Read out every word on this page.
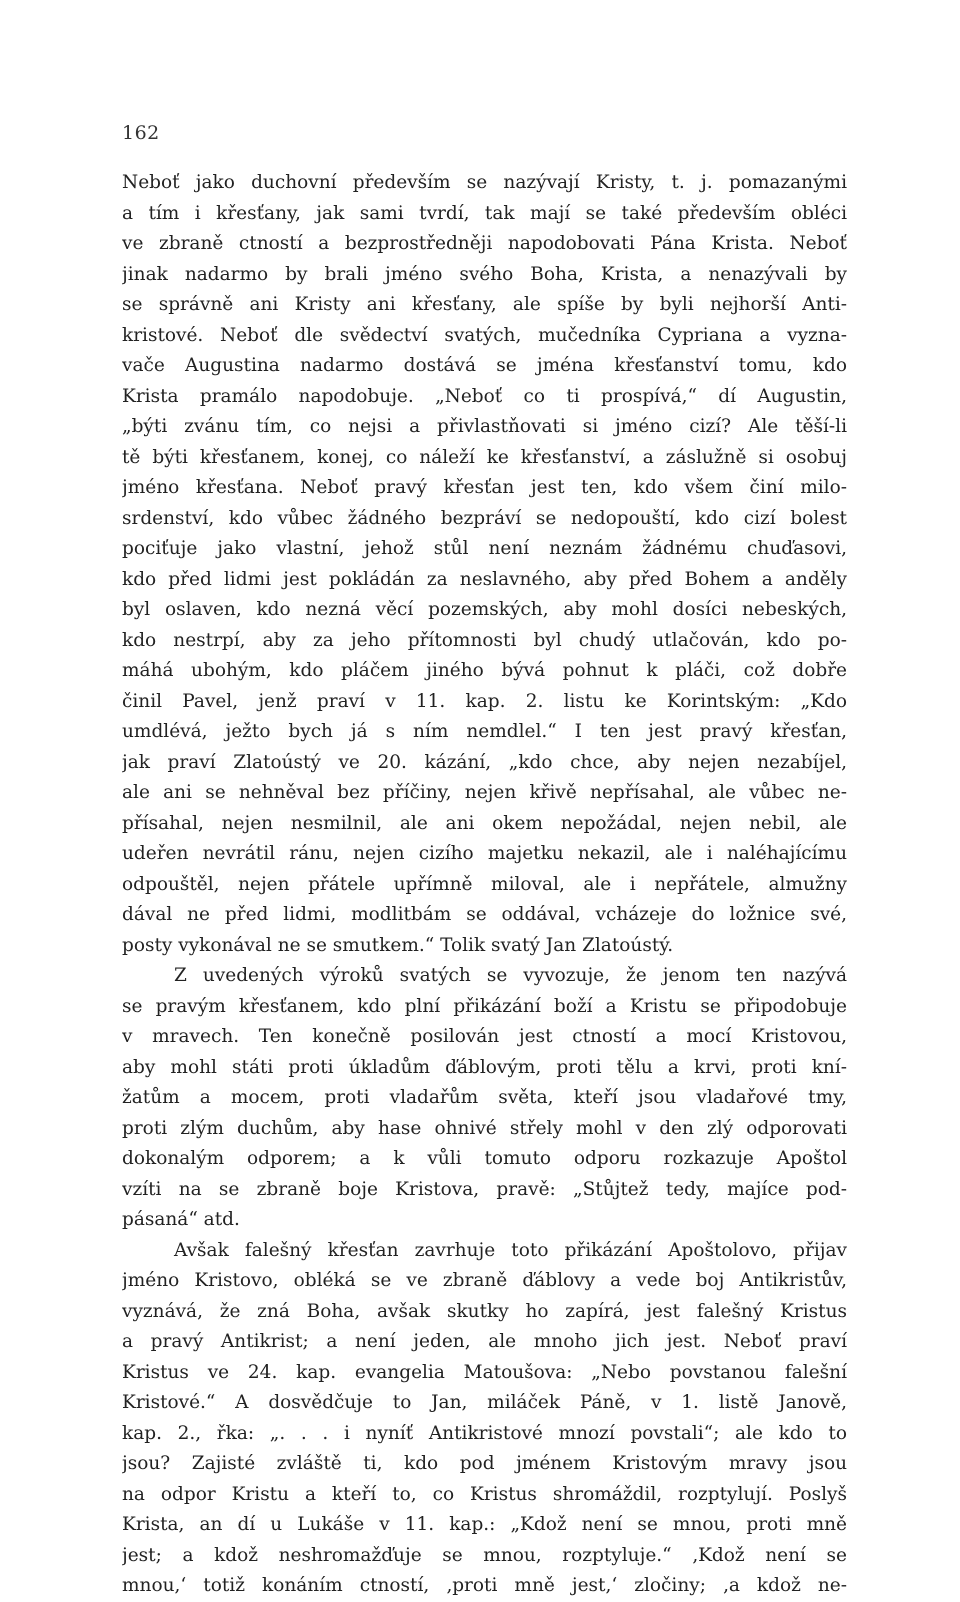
162
Neboť jako duchovní především se nazývají Kristy, t. j. pomazanými
a tím i křesťany, jak sami tvrdí, tak mají se také především obléci
ve zbraně ctností a bezprostředněji napodobovati Pána Krista. Neboť
jinak nadarmo by brali jméno svého Boha, Krista, a nenazývali by
se správně ani Kristy ani křesťany, ale spíše by byli nejhorší Anti-
kristové. Neboť dle svědectví svatých, mučedníka Cypriana a vyzna-
vače Augustina nadarmo dostává se jména křesťanství tomu, kdo
Krista pramálo napodobuje. „Neboť co ti prospívá,“ dí Augustin,
„býti zvánu tím, co nejsi a přivlastňovati si jméno cizí? Ale těší-li
tě býti křesťanem, konej, co náleží ke křesťanství, a záslužně si osobuj
jméno křesťana. Neboť pravý křesťan jest ten, kdo všem činí milo-
srdenství, kdo vůbec žádného bezpráví se nedopouští, kdo cizí bolest
pociťuje jako vlastní, jehož stůl není neznám žádnému chuďasovi,
kdo před lidmi jest pokládán za neslavného, aby před Bohem a anděly
byl oslaven, kdo nezná věcí pozemských, aby mohl dosíci nebeských,
kdo nestrpí, aby za jeho přítomnosti byl chudý utlačován, kdo po-
máhá ubohým, kdo pláčem jiného bývá pohnut k pláči, což dobře
činil Pavel, jenž praví v 11. kap. 2. listu ke Korintským: „Kdo
umdlévá, ježto bych já s ním nemdlel.“ I ten jest pravý křesťan,
jak praví Zlatoústý ve 20. kázání, „kdo chce, aby nejen nezabíjel,
ale ani se nehněval bez příčiny, nejen křivě nepřísahal, ale vůbec ne-
přísahal, nejen nesmilnil, ale ani okem nepožádal, nejen nebil, ale
udeřen nevrátil ránu, nejen cizího majetku nekazil, ale i naléhajícímu
odpouštěl, nejen přátele upřímně miloval, ale i nepřátele, almužny
dával ne před lidmi, modlitbám se oddával, vcházeje do ložnice své,
posty vykonával ne se smutkem.“ Tolik svatý Jan Zlatoústý.
Z uvedených výroků svatých se vyvozuje, že jenom ten nazývá
se pravým křesťanem, kdo plní přikázání boží a Kristu se připodobuje
v mravech. Ten konečně posilován jest ctností a mocí Kristovou,
aby mohl státi proti úkladům ďáblovým, proti tělu a krvi, proti kní-
žatům a mocem, proti vladařům světa, kteří jsou vladařové tmy,
proti zlým duchům, aby hase ohnivé střely mohl v den zlý odporovati
dokonalým odporem; a k vůli tomuto odporu rozkazuje Apoštol
vzíti na se zbraně boje Kristova, pravě: „Stůjtež tedy, majíce pod-
pásaná“ atd.
Avšak falešný křesťan zavrhuje toto přikázání Apoštolovo, přijav
jméno Kristovo, obléká se ve zbraně ďáblovy a vede boj Antikristův,
vyznává, že zná Boha, avšak skutky ho zapírá, jest falešný Kristus
a pravý Antikrist; a není jeden, ale mnoho jich jest. Neboť praví
Kristus ve 24. kap. evangelia Matoušova: „Nebo povstanou falešní
Kristové.“ A dosvědčuje to Jan, miláček Páně, v 1. listě Janově,
kap. 2., řka: „. . . i nyníť Antikristové mnozí povstali“; ale kdo to
jsou? Zajisté zvláště ti, kdo pod jménem Kristovým mravy jsou
na odpor Kristu a kteří to, co Kristus shromáždil, rozptylují. Poslyš
Krista, an dí u Lukáše v 11. kap.: „Kdož není se mnou, proti mně
jest; a kdož neshromažďuje se mnou, rozptyluje.“ ‚Kdož není se
mnou,‘ totiž konáním ctností, ‚proti mně jest,‘ zločiny; ‚a kdož ne-
